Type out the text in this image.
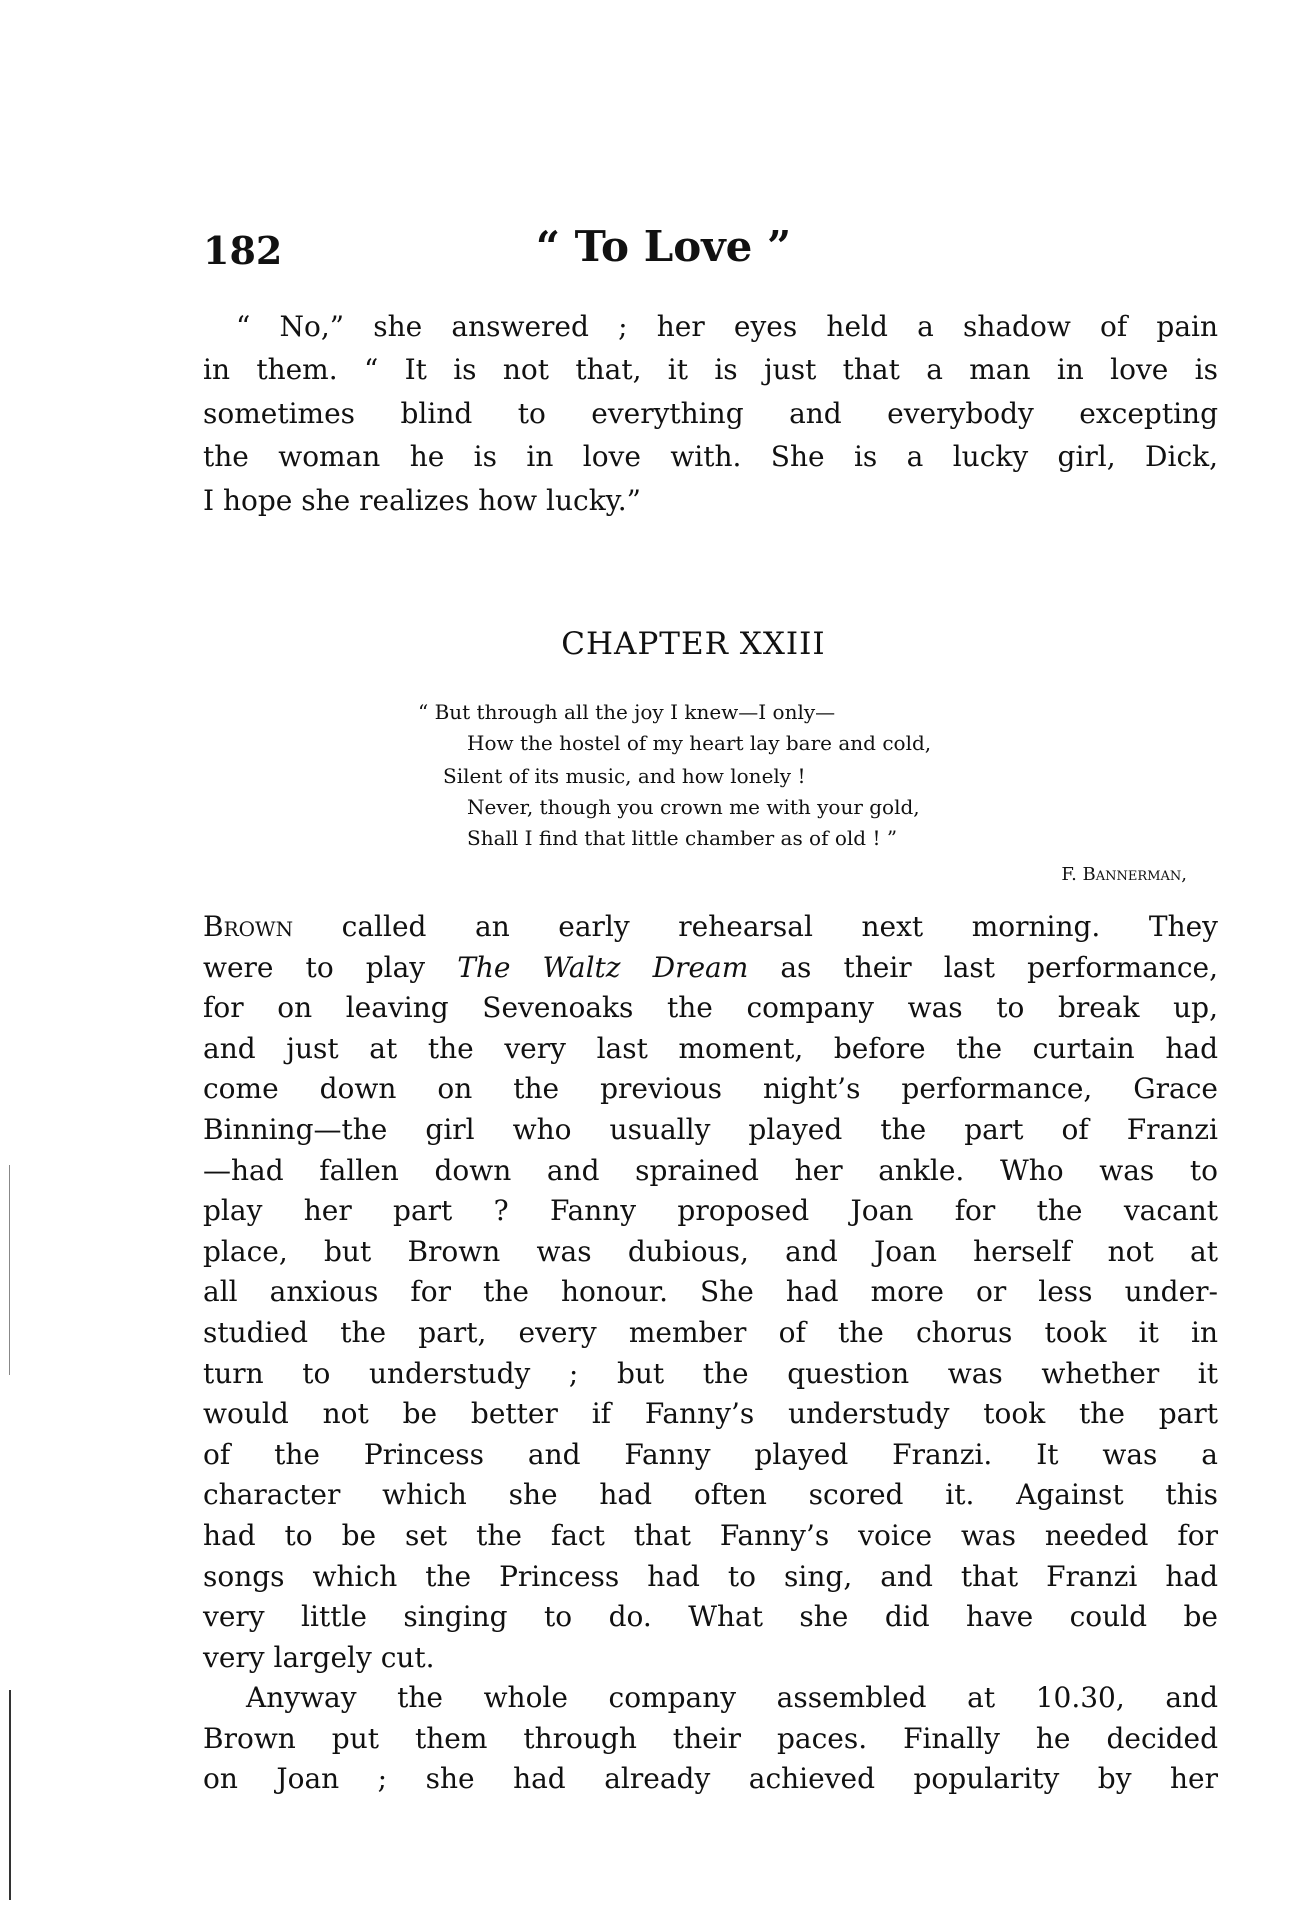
182	“ To Love ”
“ No,” she answered ; her eyes held a shadow of pain
in them. “ It is not that, it is just that a man in love is
sometimes blind to everything and everybody excepting
the woman he is in love with. She is a lucky girl, Dick,
I hope she realizes how lucky.”
CHAPTER XXIII
“ But through all the joy I knew—I only—
How the hostel of my heart lay bare and cold,
Silent of its music, and how lonely !
Never, though you crown me with your gold,
Shall I find that little chamber as of old ! ”
F. Bannerman,
Brown called an early rehearsal next morning. They
were to play The Waltz Dream as their last performance,
for on leaving Sevenoaks the company was to break up,
and just at the very last moment, before the curtain had
come down on the previous night’s performance, Grace
Binning—the girl who usually played the part of Franzi
—had fallen down and sprained her ankle. Who was to
play her part ? Fanny proposed Joan for the vacant
place, but Brown was dubious, and Joan herself not at
all anxious for the honour. She had more or less under-
studied the part, every member of the chorus took it in
turn to understudy ; but the question was whether it
would not be better if Fanny’s understudy took the part
of the Princess and Fanny played Franzi. It was a
character which she had often scored it. Against this
had to be set the fact that Fanny’s voice was needed for
songs which the Princess had to sing, and that Franzi had
very little singing to do. What she did have could be
very largely cut.
Anyway the whole company assembled at 10.30, and
Brown put them through their paces. Finally he decided
on Joan ; she had already achieved popularity by her
